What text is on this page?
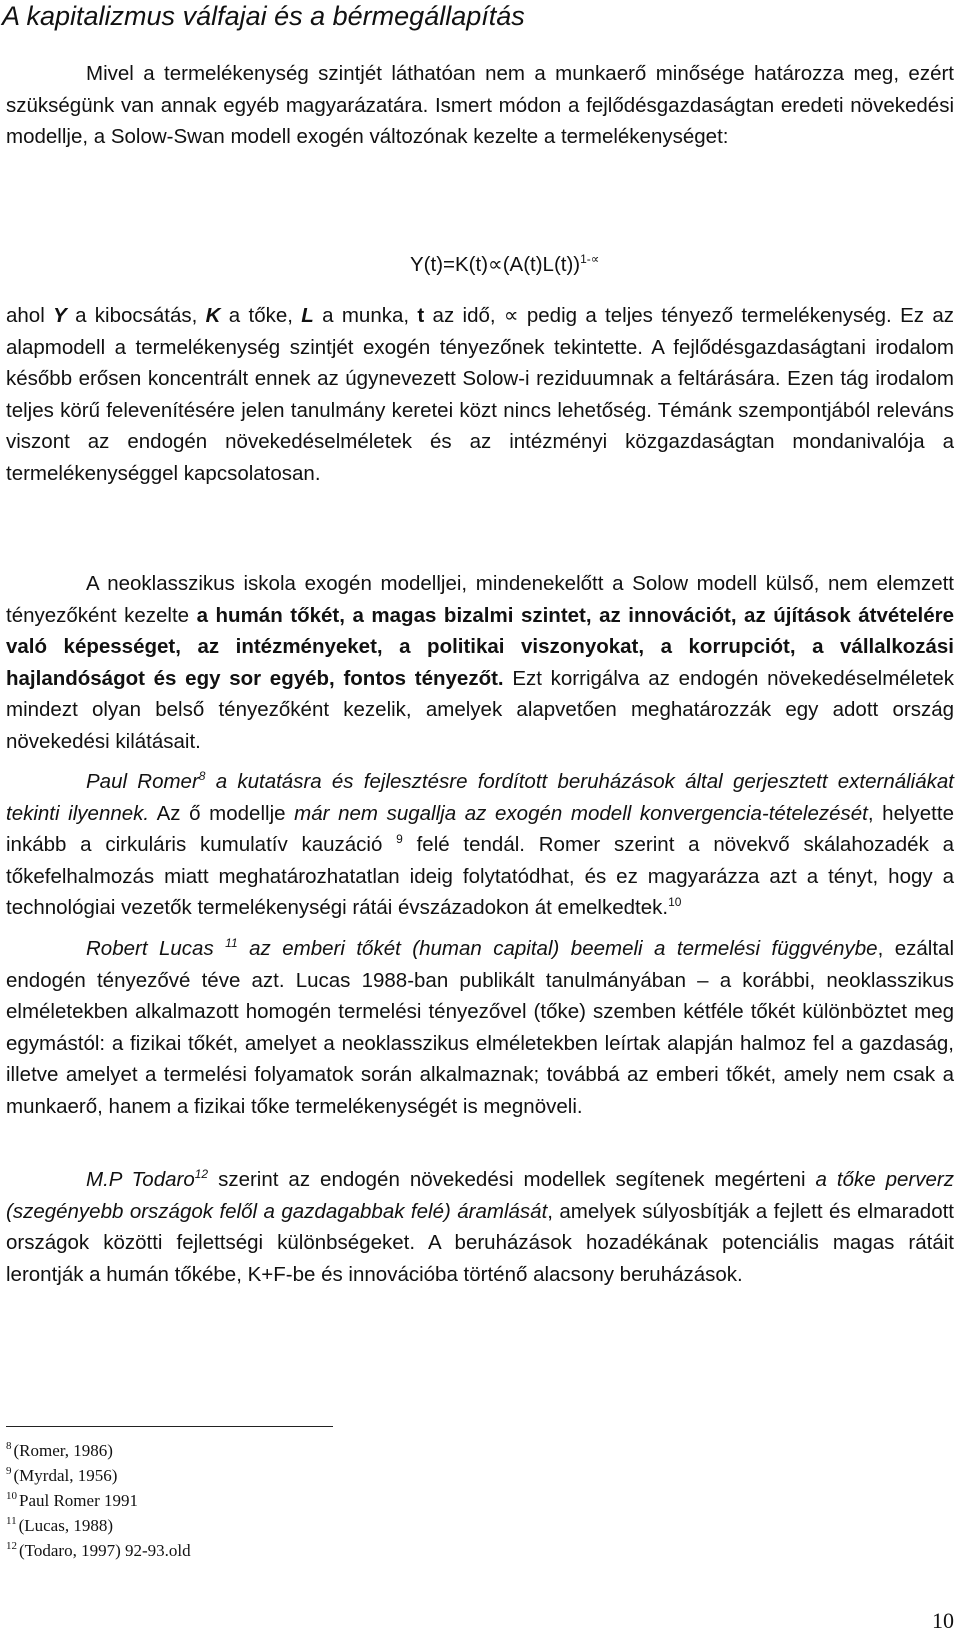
A kapitalizmus válfajai és a bérmegállapítás

Mivel a termelékenység szintjét láthatóan nem a munkaerő minősége határozza meg, ezért szükségünk van annak egyéb magyarázatára. Ismert módon a fejlődésgazdaságtan eredeti növekedési modellje, a Solow-Swan modell exogén változónak kezelte a termelékenységet:

$Y(t)=K(t)\propto(A(t)L(t))^{1-\propto}$

ahol Y a kibocsátás, K a tőke, L a munka, t az idő, ∝ pedig a teljes tényező termelékenység. Ez az alapmodell a termelékenység szintjét exogén tényezőnek tekintette. A fejlődésgazdaságtani irodalom később erősen koncentrált ennek az úgynevezett Solow-i reziduumnak a feltárására. Ezen tág irodalom teljes körű felevenítésére jelen tanulmány keretei közt nincs lehetőség. Témánk szempontjából releváns viszont az endogén növekedéselméletek és az intézményi közgazdaságtan mondanivalója a termelékenységgel kapcsolatosan.

A neoklasszikus iskola exogén modelljei, mindenekelőtt a Solow modell külső, nem elemzett tényezőként kezelte a humán tőkét, a magas bizalmi szintet, az innovációt, az újítások átvételére való képességet, az intézményeket, a politikai viszonyokat, a korrupciót, a vállalkozási hajlandóságot és egy sor egyéb, fontos tényezőt. Ezt korrigálva az endogén növekedéselméletek mindezt olyan belső tényezőként kezelik, amelyek alapvetően meghatározzák egy adott ország növekedési kilátásait.

Paul Romer$^8$ a kutatásra és fejlesztésre fordított beruházások által gerjesztett externáliákat tekinti ilyennek. Az ő modellje már nem sugallja az exogén modell konvergencia-tételezését, helyette inkább a cirkuláris kumulatív kauzáció $^9$ felé tendál. Romer szerint a növekvő skálahozadék a tőkefelhalmozás miatt meghatározhatatlan ideig folytatódhat, és ez magyarázza azt a tényt, hogy a technológiai vezetők termelékenységi rátái évszázadokon át emelkedtek.$^{10}$

Robert Lucas $^{11}$ az emberi tőkét (human capital) beemeli a termelési függvénybe, ezáltal endogén tényezővé téve azt. Lucas 1988-ban publikált tanulmányában – a korábbi, neoklasszikus elméletekben alkalmazott homogén termelési tényezővel (tőke) szemben kétféle tőkét különböztet meg egymástól: a fizikai tőkét, amelyet a neoklasszikus elméletekben leírtak alapján halmoz fel a gazdaság, illetve amelyet a termelési folyamatok során alkalmaznak; továbbá az emberi tőkét, amely nem csak a munkaerő, hanem a fizikai tőke termelékenységét is megnöveli.

M.P Todaro$^{12}$ szerint az endogén növekedési modellek segítenek megérteni a tőke perverz (szegényebb országok felől a gazdagabbak felé) áramlását, amelyek súlyosbítják a fejlett és elmaradott országok közötti fejlettségi különbségeket. A beruházások hozadékának potenciális magas rátáit lerontják a humán tőkébe, K+F-be és innovációba történő alacsony beruházások.

$^8$ (Romer, 1986)
$^9$ (Myrdal, 1956)
$^{10}$ Paul Romer 1991
$^{11}$ (Lucas, 1988)
$^{12}$ (Todaro, 1997) 92-93.old
10
